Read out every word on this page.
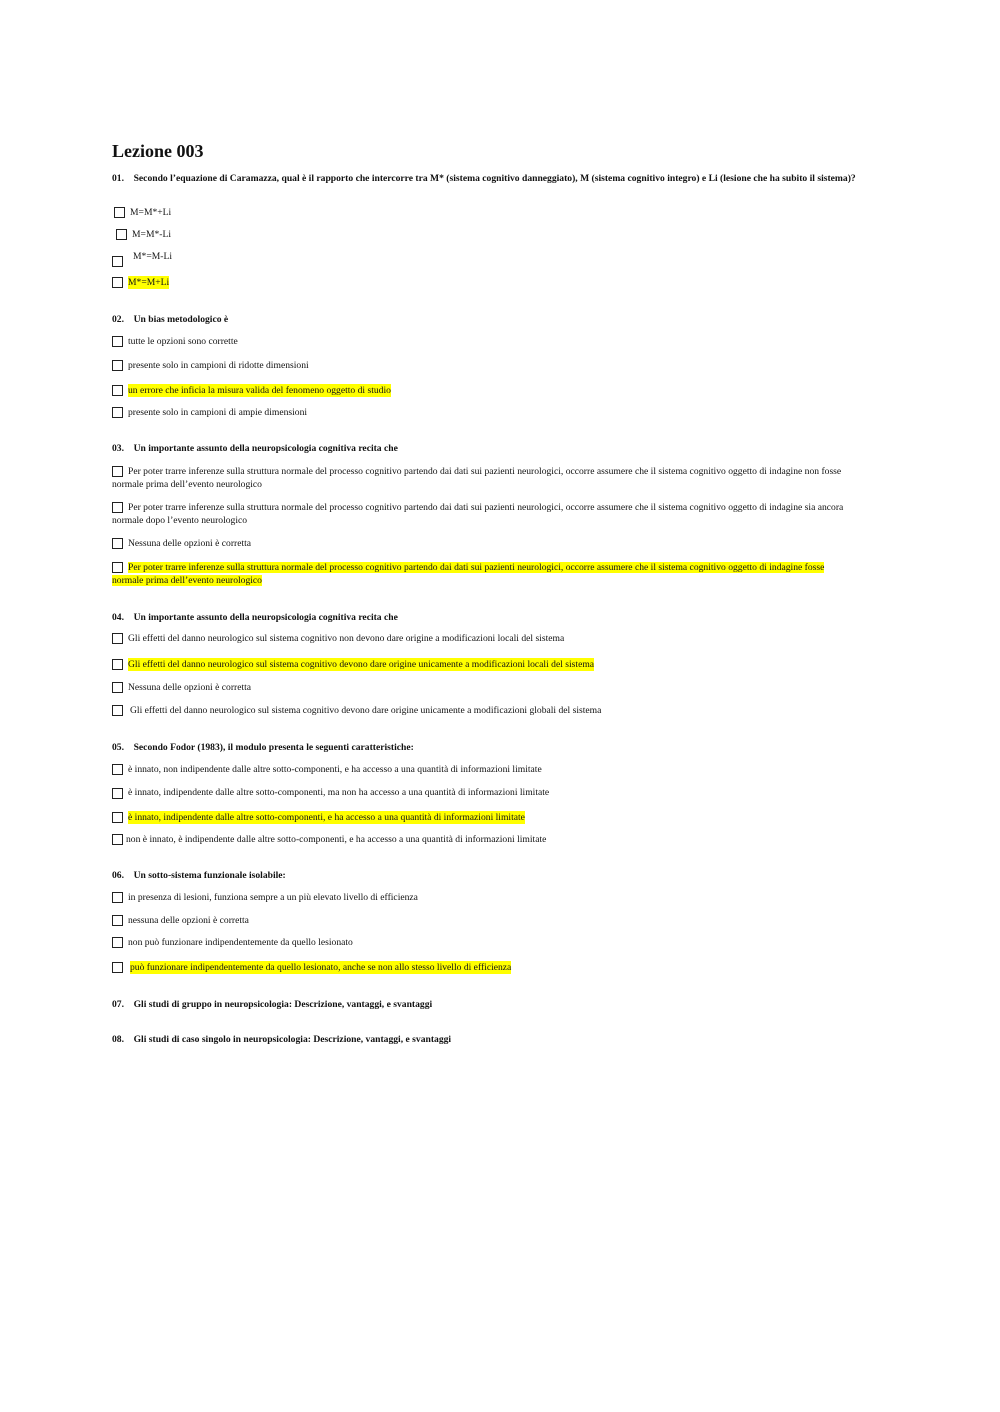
Lezione 003
01.    Secondo l’equazione di Caramazza, qual è il rapporto che intercorre tra M* (sistema cognitivo danneggiato), M (sistema cognitivo integro) e Li (lesione che ha subito il sistema)?
M=M*+Li
M=M*-Li
M*=M-Li
M*=M+Li
02.    Un bias metodologico è
tutte le opzioni sono corrette
presente solo in campioni di ridotte dimensioni
un errore che inficia la misura valida del fenomeno oggetto di studio
presente solo in campioni di ampie dimensioni
03.    Un importante assunto della neuropsicologia cognitiva recita che
Per poter trarre inferenze sulla struttura normale del processo cognitivo partendo dai dati sui pazienti neurologici, occorre assumere che il sistema cognitivo oggetto di indagine non fosse normale prima dell’evento neurologico
Per poter trarre inferenze sulla struttura normale del processo cognitivo partendo dai dati sui pazienti neurologici, occorre assumere che il sistema cognitivo oggetto di indagine sia ancora normale dopo l’evento neurologico
Nessuna delle opzioni è corretta
Per poter trarre inferenze sulla struttura normale del processo cognitivo partendo dai dati sui pazienti neurologici, occorre assumere che il sistema cognitivo oggetto di indagine fosse normale prima dell’evento neurologico
04.    Un importante assunto della neuropsicologia cognitiva recita che
Gli effetti del danno neurologico sul sistema cognitivo non devono dare origine a modificazioni locali del sistema
Gli effetti del danno neurologico sul sistema cognitivo devono dare origine unicamente a modificazioni locali del sistema
Nessuna delle opzioni è corretta
Gli effetti del danno neurologico sul sistema cognitivo devono dare origine unicamente a modificazioni globali del sistema
05.    Secondo Fodor (1983), il modulo presenta le seguenti caratteristiche:
è innato, non indipendente dalle altre sotto-componenti, e ha accesso a una quantità di informazioni limitate
è innato, indipendente dalle altre sotto-componenti, ma non ha accesso a una quantità di informazioni limitate
è innato, indipendente dalle altre sotto-componenti, e ha accesso a una quantità di informazioni limitate
non è innato, è indipendente dalle altre sotto-componenti, e ha accesso a una quantità di informazioni limitate
06.    Un sotto-sistema funzionale isolabile:
in presenza di lesioni, funziona sempre a un più elevato livello di efficienza
nessuna delle opzioni è corretta
non può funzionare indipendentemente da quello lesionato
può funzionare indipendentemente da quello lesionato, anche se non allo stesso livello di efficienza
07.    Gli studi di gruppo in neuropsicologia: Descrizione, vantaggi, e svantaggi
08.    Gli studi di caso singolo in neuropsicologia: Descrizione, vantaggi, e svantaggi
